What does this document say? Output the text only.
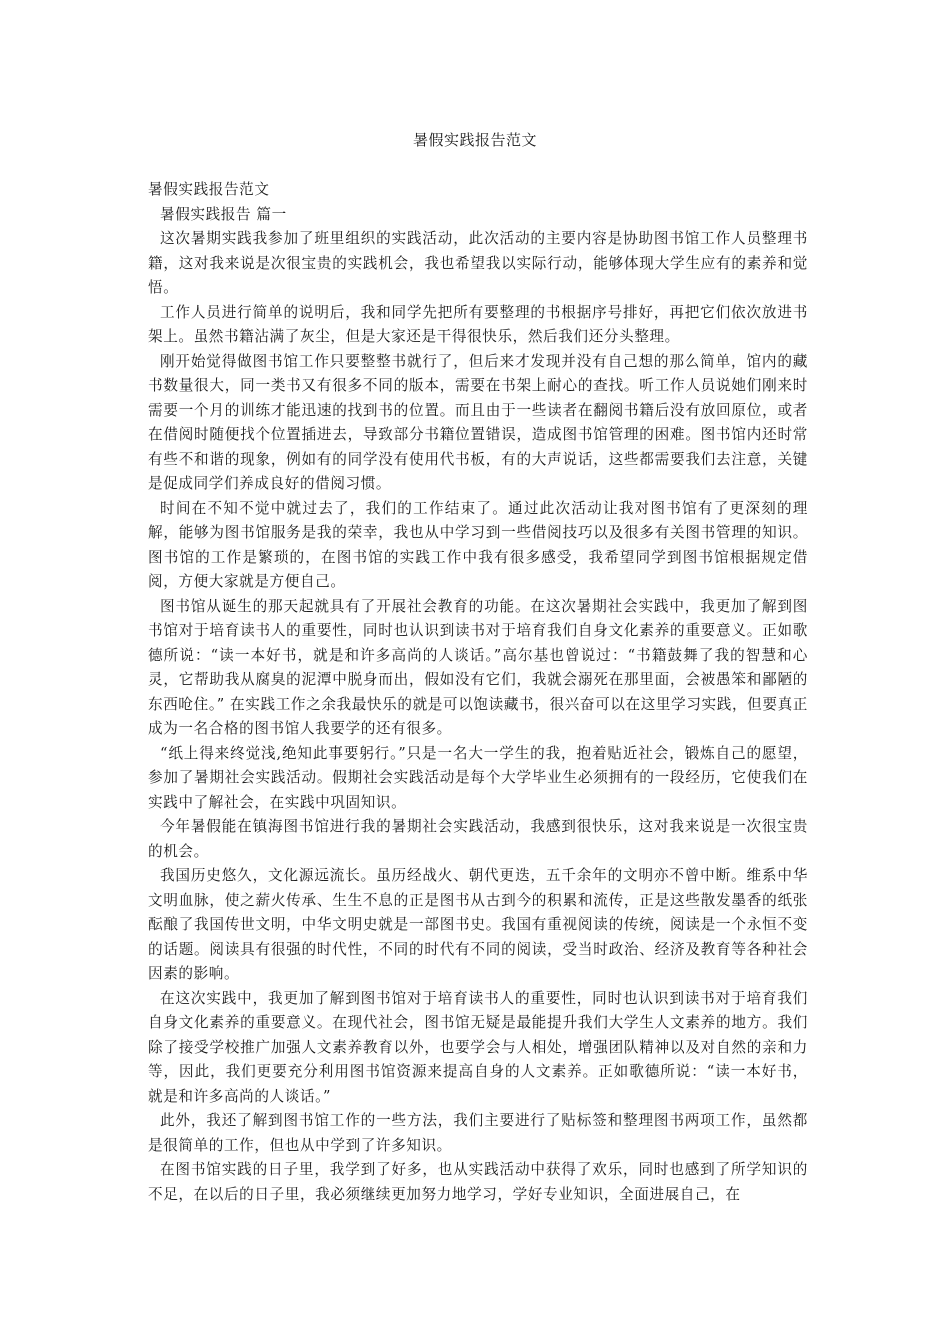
暑假实践报告范文

暑假实践报告范文

暑假实践报告 篇一

这次暑期实践我参加了班里组织的实践活动，此次活动的主要内容是协助图书馆工作人员整理书籍，这对我来说是次很宝贵的实践机会，我也希望我以实际行动，能够体现大学生应有的素养和觉悟。

工作人员进行简单的说明后，我和同学先把所有要整理的书根据序号排好，再把它们依次放进书架上。虽然书籍沾满了灰尘，但是大家还是干得很快乐，然后我们还分头整理。

刚开始觉得做图书馆工作只要整整书就行了，但后来才发现并没有自己想的那么简单，馆内的藏书数量很大，同一类书又有很多不同的版本，需要在书架上耐心的查找。听工作人员说她们刚来时需要一个月的训练才能迅速的找到书的位置。而且由于一些读者在翻阅书籍后没有放回原位，或者在借阅时随便找个位置插进去，导致部分书籍位置错误，造成图书馆管理的困难。图书馆内还时常有些不和谐的现象，例如有的同学没有使用代书板，有的大声说话，这些都需要我们去注意，关键是促成同学们养成良好的借阅习惯。

时间在不知不觉中就过去了，我们的工作结束了。通过此次活动让我对图书馆有了更深刻的理解，能够为图书馆服务是我的荣幸，我也从中学习到一些借阅技巧以及很多有关图书管理的知识。图书馆的工作是繁琐的，在图书馆的实践工作中我有很多感受，我希望同学到图书馆根据规定借阅，方便大家就是方便自己。

图书馆从诞生的那天起就具有了开展社会教育的功能。在这次暑期社会实践中，我更加了解到图书馆对于培育读书人的重要性，同时也认识到读书对于培育我们自身文化素养的重要意义。正如歌德所说：“读一本好书，就是和许多高尚的人谈话。”高尔基也曾说过：“书籍鼓舞了我的智慧和心灵，它帮助我从腐臭的泥潭中脱身而出，假如没有它们，我就会溺死在那里面，会被愚笨和鄙陋的东西呛住。” 在实践工作之余我最快乐的就是可以饱读藏书，很兴奋可以在这里学习实践，但要真正成为一名合格的图书馆人我要学的还有很多。

“纸上得来终觉浅,绝知此事要躬行。”只是一名大一学生的我，抱着贴近社会，锻炼自己的愿望，参加了暑期社会实践活动。假期社会实践活动是每个大学毕业生必须拥有的一段经历，它使我们在实践中了解社会，在实践中巩固知识。

今年暑假能在镇海图书馆进行我的暑期社会实践活动，我感到很快乐，这对我来说是一次很宝贵的机会。

我国历史悠久，文化源远流长。虽历经战火、朝代更迭，五千余年的文明亦不曾中断。维系中华文明血脉，使之薪火传承、生生不息的正是图书从古到今的积累和流传，正是这些散发墨香的纸张酝酿了我国传世文明，中华文明史就是一部图书史。我国有重视阅读的传统，阅读是一个永恒不变的话题。阅读具有很强的时代性，不同的时代有不同的阅读，受当时政治、经济及教育等各种社会因素的影响。

在这次实践中，我更加了解到图书馆对于培育读书人的重要性，同时也认识到读书对于培育我们自身文化素养的重要意义。在现代社会，图书馆无疑是最能提升我们大学生人文素养的地方。我们除了接受学校推广加强人文素养教育以外，也要学会与人相处，增强团队精神以及对自然的亲和力等，因此，我们更要充分利用图书馆资源来提高自身的人文素养。正如歌德所说：“读一本好书，就是和许多高尚的人谈话。”

此外，我还了解到图书馆工作的一些方法，我们主要进行了贴标签和整理图书两项工作，虽然都是很简单的工作，但也从中学到了许多知识。

在图书馆实践的日子里，我学到了好多，也从实践活动中获得了欢乐，同时也感到了所学知识的不足，在以后的日子里，我必须继续更加努力地学习，学好专业知识，全面进展自己，在
